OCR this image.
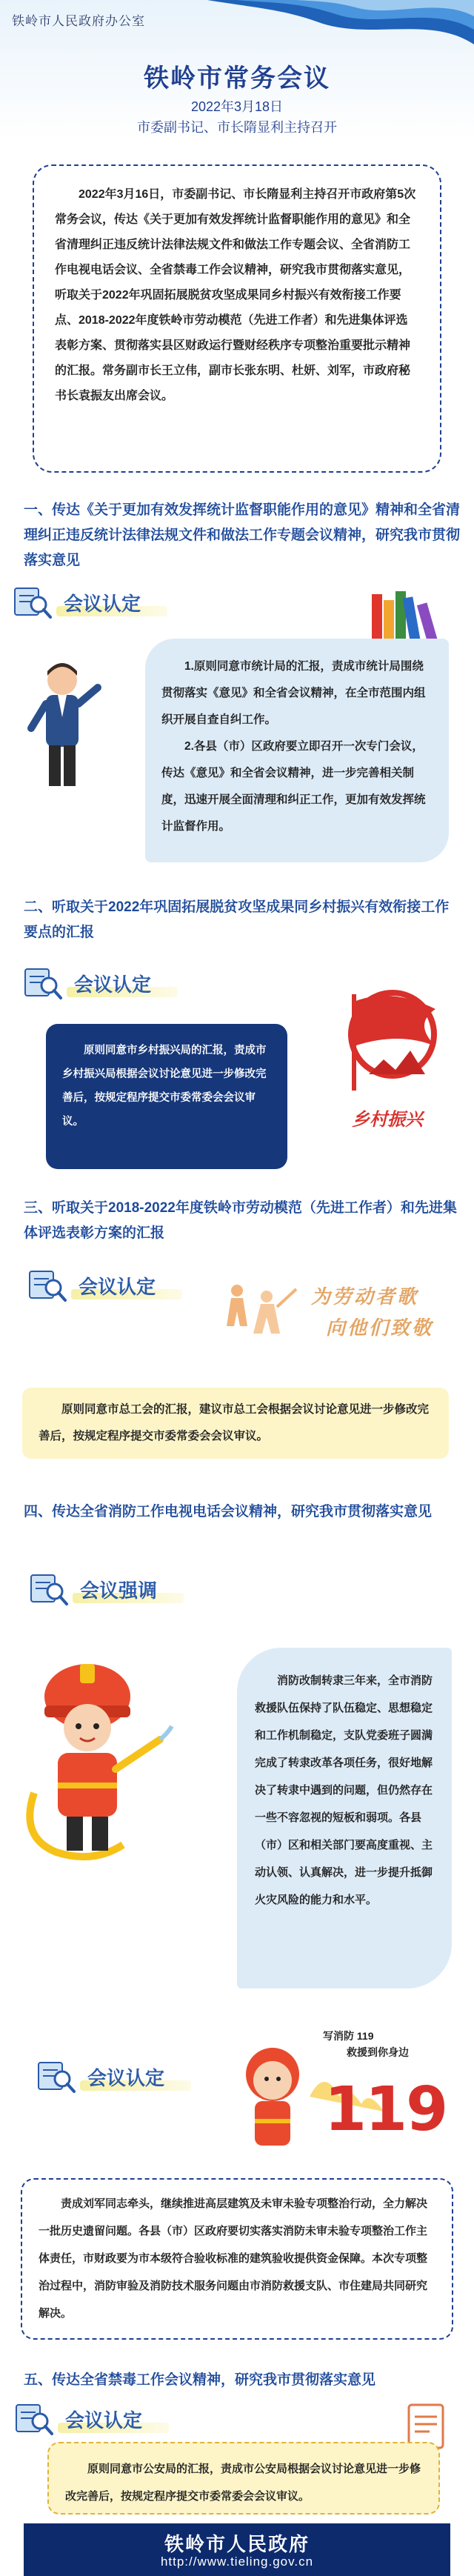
铁岭市人民政府办公室
铁岭市常务会议
2022年3月18日
市委副书记、市长隋显利主持召开

2022年3月16日，市委副书记、市长隋显利主持召开市政府第5次常务会议，传达《关于更加有效发挥统计监督职能作用的意见》和全省清理纠正违反统计法律法规文件和做法工作专题会议、全省消防工作电视电话会议、全省禁毒工作会议精神，研究我市贯彻落实意见，听取关于2022年巩固拓展脱贫攻坚成果同乡村振兴有效衔接工作要点、2018-2022年度铁岭市劳动模范（先进工作者）和先进集体评选表彰方案、贯彻落实县区财政运行暨财经秩序专项整治重要批示精神的汇报。常务副市长王立伟，副市长张东明、杜妍、刘军，市政府秘书长袁振友出席会议。

一、传达《关于更加有效发挥统计监督职能作用的意见》精神和全省清理纠正违反统计法律法规文件和做法工作专题会议精神，研究我市贯彻落实意见
会议认定

1.原则同意市统计局的汇报，责成市统计局围绕贯彻落实《意见》和全省会议精神，在全市范围内组织开展自查自纠工作。

2.各县（市）区政府要立即召开一次专门会议，传达《意见》和全省会议精神，进一步完善相关制度，迅速开展全面清理和纠正工作，更加有效发挥统计监督作用。

二、听取关于2022年巩固拓展脱贫攻坚成果同乡村振兴有效衔接工作要点的汇报
会议认定

原则同意市乡村振兴局的汇报，责成市乡村振兴局根据会议讨论意见进一步修改完善后，按规定程序提交市委常委会会议审议。	乡村振兴
三、听取关于2018-2022年度铁岭市劳动模范（先进工作者）和先进集体评选表彰方案的汇报
会议认定	为劳动者歌
向他们致敬

原则同意市总工会的汇报，建议市总工会根据会议讨论意见进一步修改完善后，按规定程序提交市委常委会会议审议。

四、传达全省消防工作电视电话会议精神，研究我市贯彻落实意见
会议强调

消防改制转隶三年来，全市消防救援队伍保持了队伍稳定、思想稳定和工作机制稳定，支队党委班子圆满完成了转隶改革各项任务，很好地解决了转隶中遇到的问题，但仍然存在一些不容忽视的短板和弱项。各县（市）区和相关部门要高度重视、主动认领、认真解决，进一步提升抵御火灾风险的能力和水平。

会议认定
写消防 119
救援到你身边
119

责成刘军同志牵头，继续推进高层建筑及未审未验专项整治行动，全力解决一批历史遗留问题。各县（市）区政府要切实落实消防未审未验专项整治工作主体责任，市财政要为市本级符合验收标准的建筑验收提供资金保障。本次专项整治过程中，消防审验及消防技术服务问题由市消防救援支队、市住建局共同研究解决。

五、传达全省禁毒工作会议精神，研究我市贯彻落实意见
会议认定

原则同意市公安局的汇报，责成市公安局根据会议讨论意见进一步修改完善后，按规定程序提交市委常委会会议审议。

铁岭市人民政府
http://www.tieling.gov.cn
